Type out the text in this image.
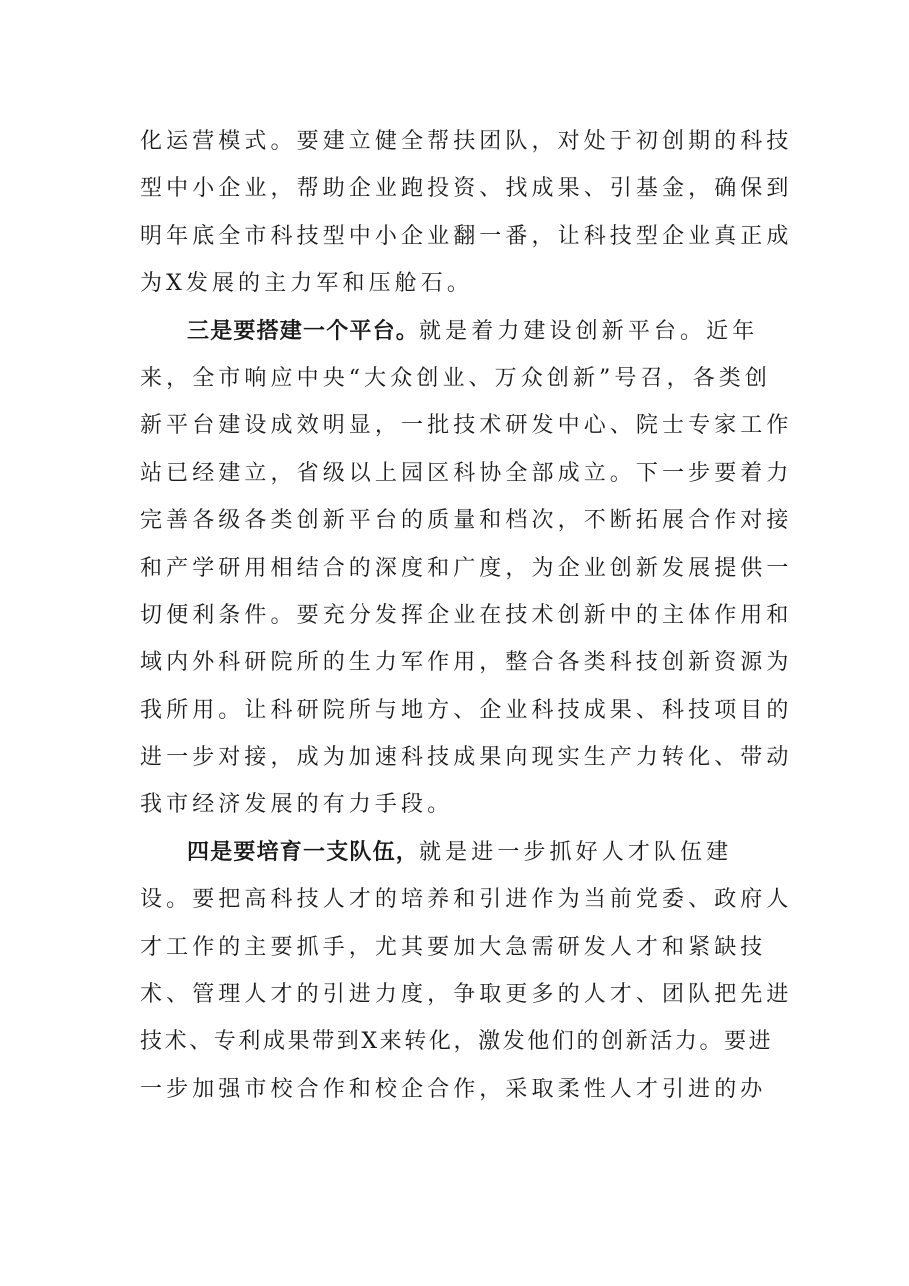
化运营模式。要建立健全帮扶团队，对处于初创期的科技
型中小企业，帮助企业跑投资、找成果、引基金，确保到
明年底全市科技型中小企业翻一番，让科技型企业真正成
为X发展的主力军和压舱石。
三是要搭建一个平台。就是着力建设创新平台。近年
来，全市响应中央“大众创业、万众创新”号召，各类创
新平台建设成效明显，一批技术研发中心、院士专家工作
站已经建立，省级以上园区科协全部成立。下一步要着力
完善各级各类创新平台的质量和档次，不断拓展合作对接
和产学研用相结合的深度和广度，为企业创新发展提供一
切便利条件。要充分发挥企业在技术创新中的主体作用和
域内外科研院所的生力军作用，整合各类科技创新资源为
我所用。让科研院所与地方、企业科技成果、科技项目的
进一步对接，成为加速科技成果向现实生产力转化、带动
我市经济发展的有力手段。
四是要培育一支队伍，就是进一步抓好人才队伍建
设。要把高科技人才的培养和引进作为当前党委、政府人
才工作的主要抓手，尤其要加大急需研发人才和紧缺技
术、管理人才的引进力度，争取更多的人才、团队把先进
技术、专利成果带到X来转化，激发他们的创新活力。要进
一步加强市校合作和校企合作，采取柔性人才引进的办
